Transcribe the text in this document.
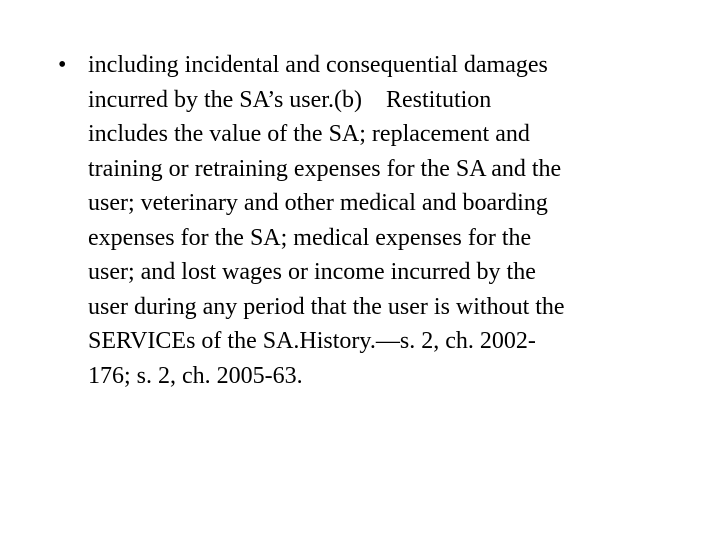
• including incidental and consequential damages
incurred by the SA’s user.(b)    Restitution
includes the value of the SA; replacement and
training or retraining expenses for the SA and the
user; veterinary and other medical and boarding
expenses for the SA; medical expenses for the
user; and lost wages or income incurred by the
user during any period that the user is without the
SERVICEs of the SA.History.—s. 2, ch. 2002-
176; s. 2, ch. 2005-63.
